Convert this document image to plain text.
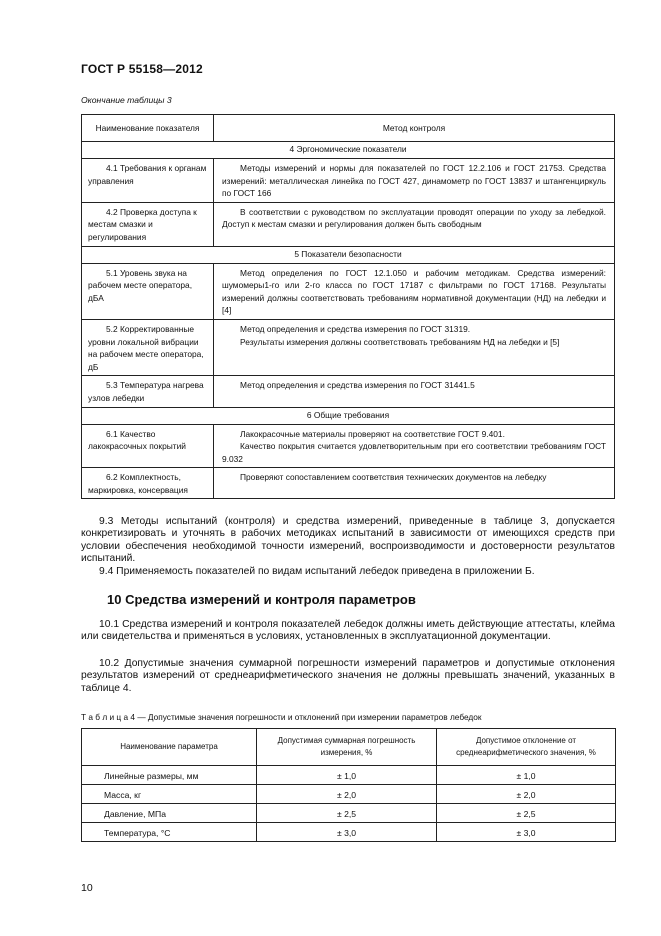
ГОСТ Р 55158—2012
Окончание таблицы 3
Наименование показателя	Метод контроля
4 Эргономические показатели	
4.1 Требования к органам управления	Методы измерений и нормы для показателей по ГОСТ 12.2.106 и ГОСТ 21753. Средства измерений: металлическая линейка по ГОСТ 427, динамометр по ГОСТ 13837 и штангенциркуль по ГОСТ 166
4.2 Проверка доступа к местам смазки и регулирования	В соответствии с руководством по эксплуатации проводят операции по уходу за лебедкой. Доступ к местам смазки и регулирования должен быть свободным
5 Показатели безопасности	
5.1 Уровень звука на рабочем месте оператора, дБА	Метод определения по ГОСТ 12.1.050 и рабочим методикам. Средства измерений: шумомеры1-го или 2-го класса по ГОСТ 17187 с фильтрами по ГОСТ 17168. Результаты измерений должны соответствовать требованиям нормативной документации (НД) на лебедки и [4]
5.2 Корректированные уровни локальной вибрации на рабочем месте оператора, дБ	Метод определения и средства измерения по ГОСТ 31319.
Результаты измерения должны соответствовать требованиям НД на лебедки и [5]

5.3 Температура нагрева узлов лебедки	Метод определения и средства измерения по ГОСТ 31441.5
6 Общие требования	
6.1 Качество лакокрасочных покрытий	Лакокрасочные материалы проверяют на соответствие ГОСТ 9.401.
Качество покрытия считается удовлетворительным при его соответствии требованиям ГОСТ 9.032

6.2 Комплектность, маркировка, консервация	Проверяют сопоставлением соответствия технических документов на лебедку
9.3 Методы испытаний (контроля) и средства измерений, приведенные в таблице 3, допускается конкретизировать и уточнять в рабочих методиках испытаний в зависимости от имеющихся средств при условии обеспечения необходимой точности измерений, воспроизводимости и достоверности результатов испытаний.
9.4 Применяемость показателей по видам испытаний лебедок приведена в приложении Б.
10 Средства измерений и контроля параметров
10.1 Средства измерений и контроля показателей лебедок должны иметь действующие аттестаты, клейма или свидетельства и применяться в условиях, установленных в эксплуатационной документации.
10.2 Допустимые значения суммарной погрешности измерений параметров и допустимые отклонения результатов измерений от среднеарифметического значения не должны превышать значений, указанных в таблице 4.
Т а б л и ц а 4 — Допустимые значения погрешности и отклонений при измерении параметров лебедок
Наименование параметра	Допустимая суммарная погрешность измерения, %	Допустимое отклонение от среднеарифметического значения, %
Линейные размеры, мм	± 1,0	± 1,0
Масса, кг	± 2,0	± 2,0
Давление, МПа	± 2,5	± 2,5
Температура, °С	± 3,0	± 3,0
10
